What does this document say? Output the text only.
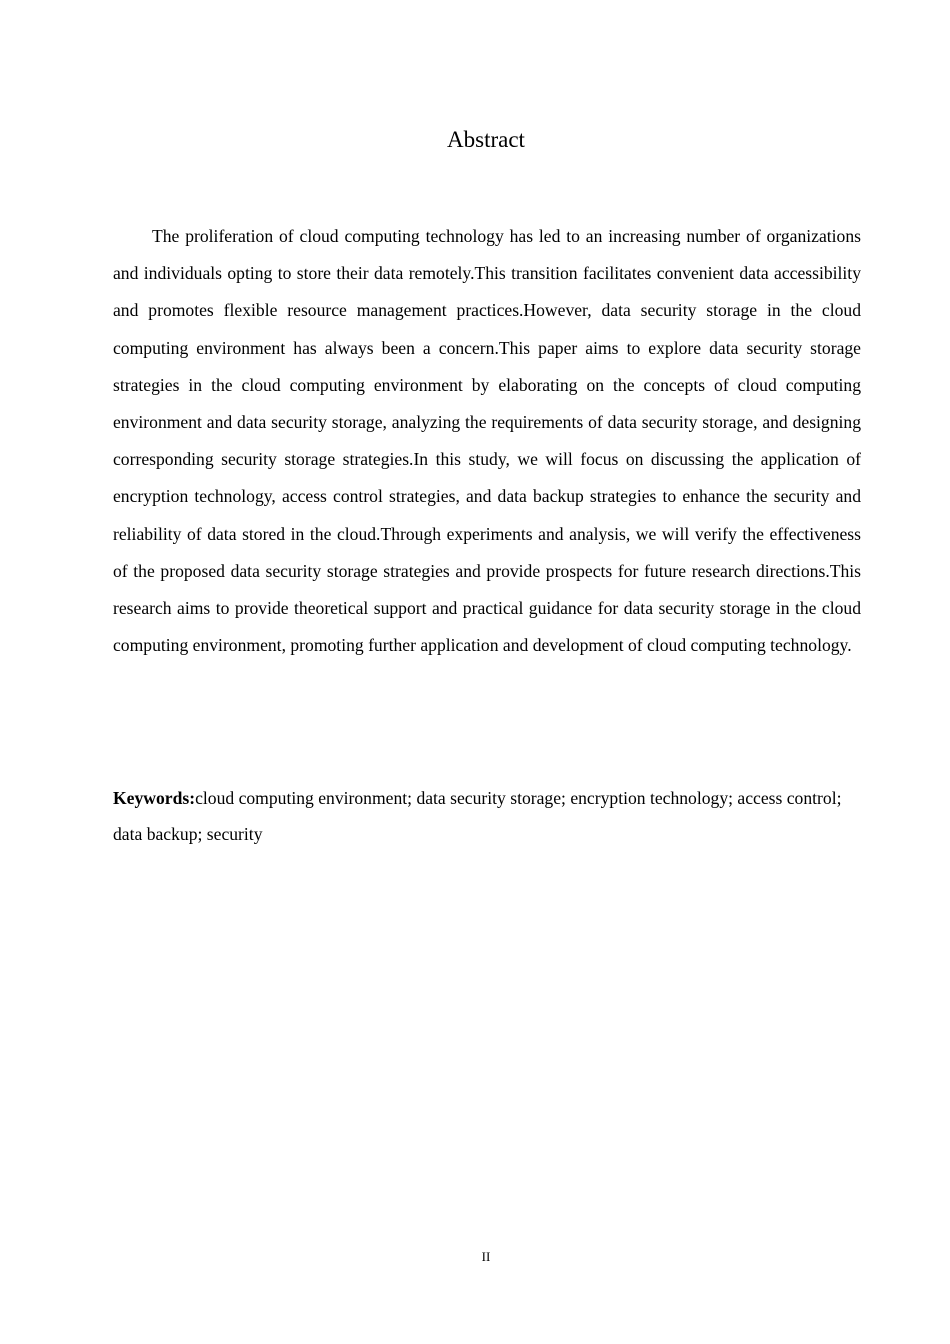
Abstract

The proliferation of cloud computing technology has led to an increasing number of organizations and individuals opting to store their data remotely.This transition facilitates convenient data accessibility and promotes flexible resource management practices.However, data security storage in the cloud computing environment has always been a concern.This paper aims to explore data security storage strategies in the cloud computing environment by elaborating on the concepts of cloud computing environment and data security storage, analyzing the requirements of data security storage, and designing corresponding security storage strategies.In this study, we will focus on discussing the application of encryption technology, access control strategies, and data backup strategies to enhance the security and reliability of data stored in the cloud.Through experiments and analysis, we will verify the effectiveness of the proposed data security storage strategies and provide prospects for future research directions.This research aims to provide theoretical support and practical guidance for data security storage in the cloud computing environment, promoting further application and development of cloud computing technology.

Keywords:cloud computing environment; data security storage; encryption technology; access control; data backup; security

II
